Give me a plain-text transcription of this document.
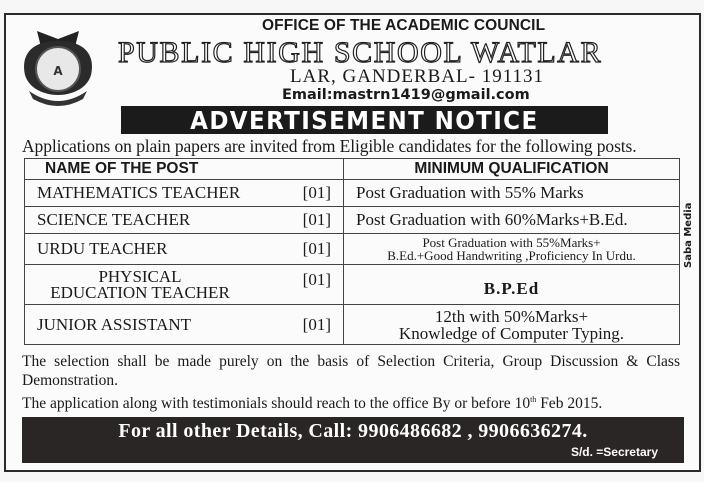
A
OFFICE OF THE ACADEMIC COUNCIL
PUBLIC HIGH SCHOOL WATLAR
LAR, GANDERBAL- 191131
Email:mastrn1419@gmail.com
ADVERTISEMENT NOTICE
Applications on plain papers are invited from Eligible candidates for the following posts.
NAME OF THE POST	MINIMUM QUALIFICATION

MATHEMATICS TEACHER [01]	Post Graduation with 55% Marks

SCIENCE TEACHER [01]	Post Graduation with 60%Marks+B.Ed.

URDU TEACHER	[01]	Post Graduation with 55%Marks+
B.Ed.+Good Handwriting ,Proficiency In Urdu.

PHYSICAL
EDUCATION TEACHER
[01]	B.P.Ed

JUNIOR ASSISTANT	[01]	12th with 50%Marks+
Knowledge of Computer Typing.
Saba Media
The selection shall be made purely on the basis of Selection Criteria, Group Discussion & Class Demonstration.
The application along with testimonials should reach to the office By or before 10th Feb 2015.
For all other Details, Call: 9906486682 , 9906636274.
S/d. =Secretary
